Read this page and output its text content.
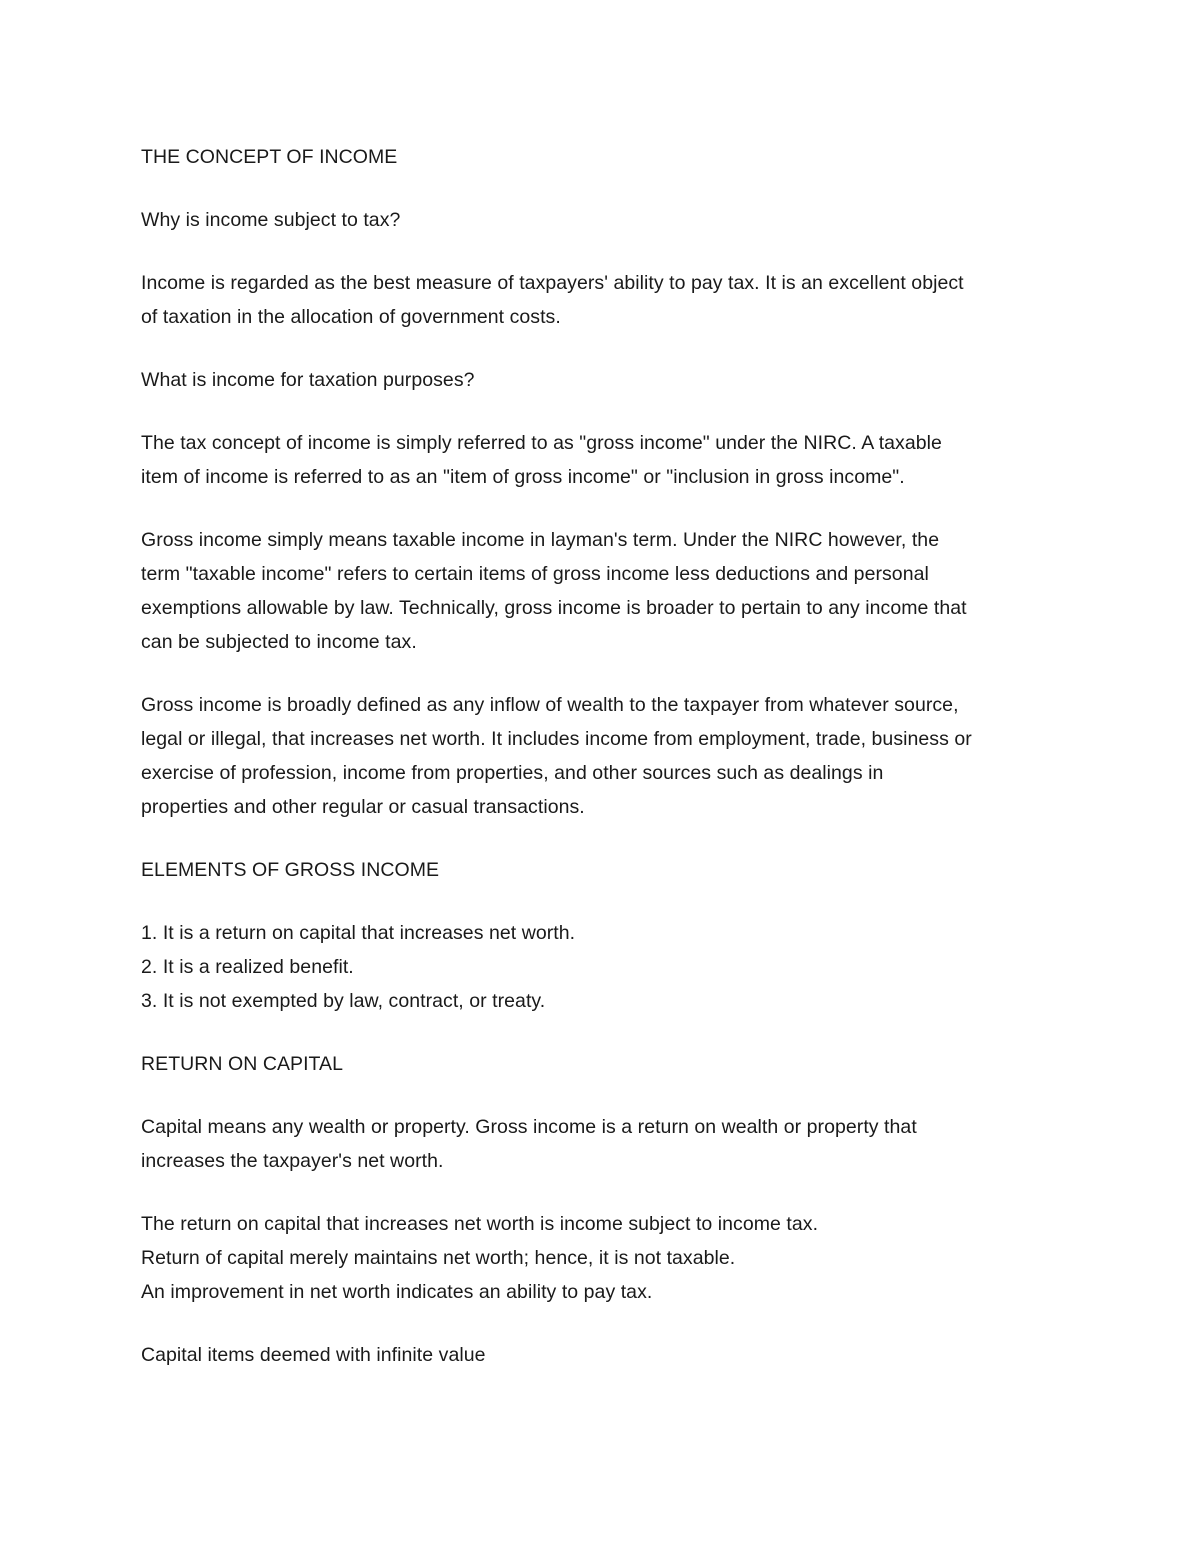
THE CONCEPT OF INCOME

Why is income subject to tax?

Income is regarded as the best measure of taxpayers' ability to pay tax. It is an excellent object
of taxation in the allocation of government costs.

What is income for taxation purposes?

The tax concept of income is simply referred to as "gross income" under the NIRC. A taxable
item of income is referred to as an "item of gross income" or "inclusion in gross income".

Gross income simply means taxable income in layman's term. Under the NIRC however, the
term "taxable income" refers to certain items of gross income less deductions and personal
exemptions allowable by law. Technically, gross income is broader to pertain to any income that
can be subjected to income tax.

Gross income is broadly defined as any inflow of wealth to the taxpayer from whatever source,
legal or illegal, that increases net worth. It includes income from employment, trade, business or
exercise of profession, income from properties, and other sources such as dealings in
properties and other regular or casual transactions.

ELEMENTS OF GROSS INCOME

1. It is a return on capital that increases net worth.
2. It is a realized benefit.
3. It is not exempted by law, contract, or treaty.

RETURN ON CAPITAL

Capital means any wealth or property. Gross income is a return on wealth or property that
increases the taxpayer's net worth.

The return on capital that increases net worth is income subject to income tax.
Return of capital merely maintains net worth; hence, it is not taxable.
An improvement in net worth indicates an ability to pay tax.

Capital items deemed with infinite value
